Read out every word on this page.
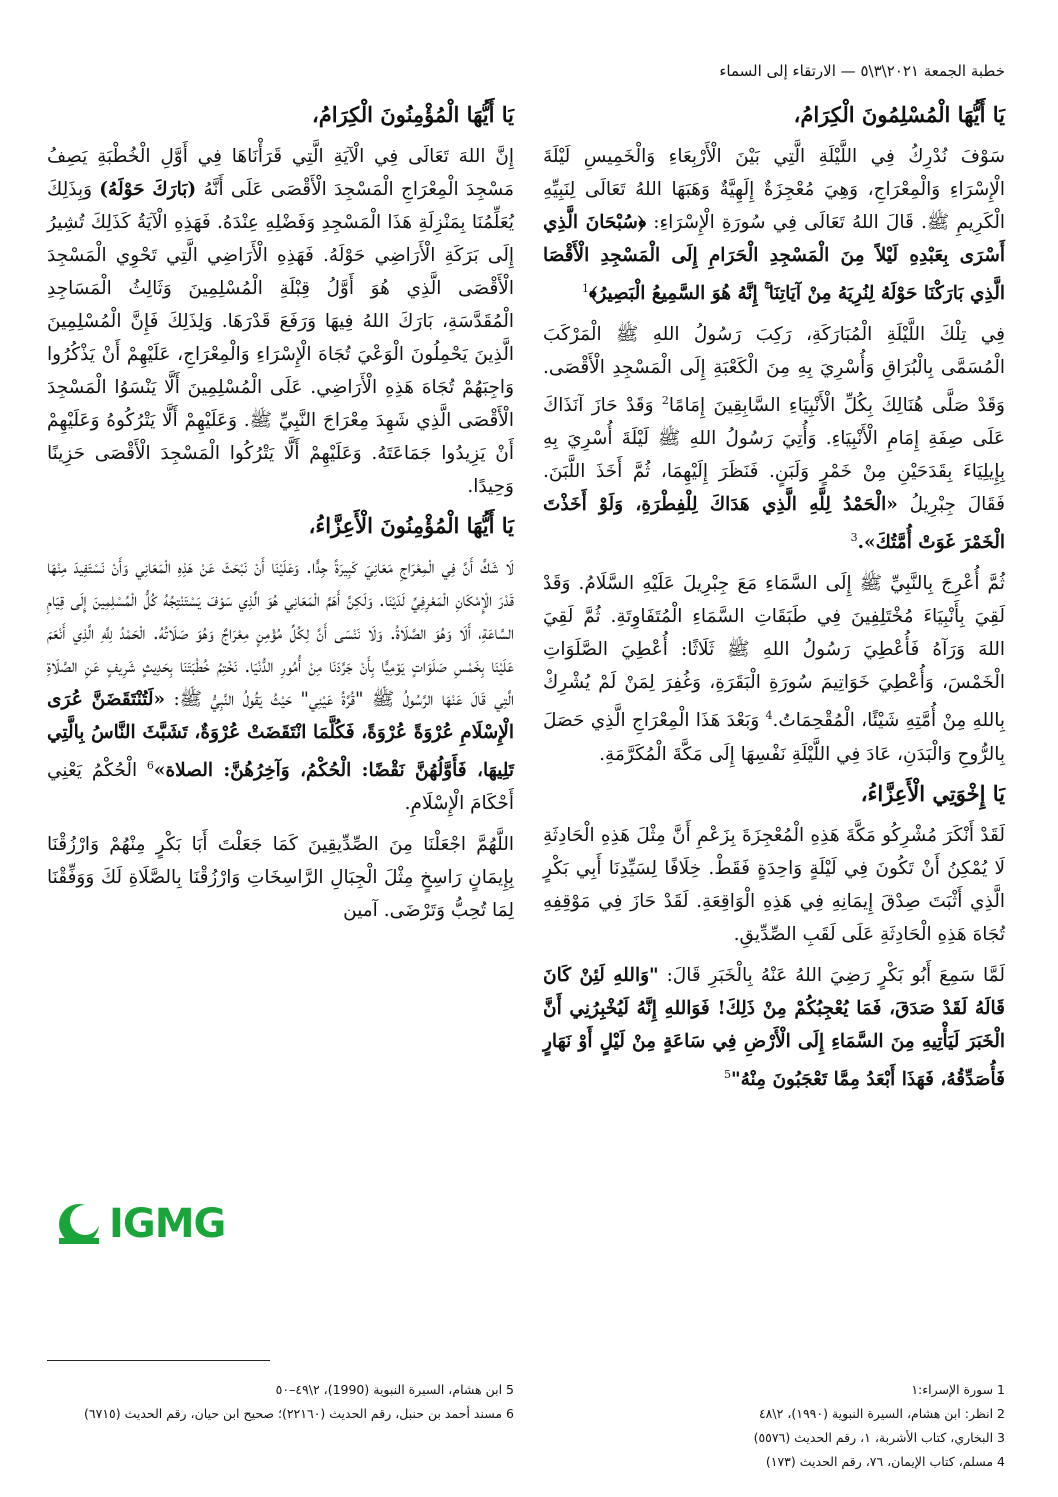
خطبة الجمعة ٢٠٢١\٣\٥ — الارتقاء إلى السماء
يَا أَيُّهَا الْمُسْلِمُونَ الْكِرَامُ،

سَوْفَ نُدْرِكُ فِي اللَّيْلَةِ الَّتِي بَيْنَ الْأَرْبِعَاءِ وَالْخَمِيسِ لَيْلَةَ الْإِسْرَاءِ وَالْمِعْرَاجِ، وَهِيَ مُعْجِزَةٌ إِلَهِيَّةٌ وَهَبَهَا اللهُ تَعَالَى لِنَبِيِّهِ الْكَرِيمِ ﷺ. قَالَ اللهُ تَعَالَى فِي سُورَةِ الْإِسْرَاءِ: ﴿سُبْحَانَ الَّذِي أَسْرَى بِعَبْدِهِ لَيْلاً مِنَ الْمَسْجِدِ الْحَرَامِ إِلَى الْمَسْجِدِ الْأَقْصَا الَّذِي بَارَكْنَا حَوْلَهُ لِنُرِيَهُ مِنْ آيَاتِنَا ۚ إِنَّهُ هُوَ السَّمِيعُ الْبَصِيرُ﴾$^1$

فِي تِلْكَ اللَّيْلَةِ الْمُبَارَكَةِ، رَكِبَ رَسُولُ اللهِ ﷺ الْمَرْكَبَ الْمُسَمَّى بِالْبُرَاقِ وَأُسْرِيَ بِهِ مِنَ الْكَعْبَةِ إِلَى الْمَسْجِدِ الْأَقْصَى. وَقَدْ صَلَّى هُنَالِكَ بِكُلِّ الْأَنْبِيَاءِ السَّابِقِينَ إِمَامًا$^2$ وَقَدْ حَازَ آنَذَاكَ عَلَى صِفَةِ إِمَامِ الْأَنْبِيَاءِ. وَأُتِيَ رَسُولُ اللهِ ﷺ لَيْلَةَ أُسْرِيَ بِهِ بِإِيلِيَاءَ بِقَدَحَيْنِ مِنْ خَمْرٍ وَلَبَنٍ. فَنَظَرَ إِلَيْهِمَا، ثُمَّ أَخَذَ اللَّبَنَ. فَقَالَ جِبْرِيلُ «الْحَمْدُ لِلَّهِ الَّذِي هَدَاكَ لِلْفِطْرَةِ، وَلَوْ أَخَذْتَ الْخَمْرَ غَوَتْ أُمَّتُكَ».$^3$

ثُمَّ أُعْرِجَ بِالنَّبِيِّ ﷺ إِلَى السَّمَاءِ مَعَ جِبْرِيلَ عَلَيْهِ السَّلَامُ. وَقَدْ لَقِيَ بِأَنْبِيَاءَ مُخْتَلِفِينَ فِي طَبَقَاتِ السَّمَاءِ الْمُتَفَاوِتَةِ. ثُمَّ لَقِيَ اللهَ وَرَآهُ فَأُعْطِيَ رَسُولُ اللهِ ﷺ ثَلَاثًا: أُعْطِيَ الصَّلَوَاتِ الْخَمْسَ، وَأُعْطِيَ خَوَاتِيمَ سُورَةِ الْبَقَرَةِ، وَغُفِرَ لِمَنْ لَمْ يُشْرِكْ بِاللهِ مِنْ أُمَّتِهِ شَيْئًا، الْمُقْحِمَاتُ.$^4$ وَبَعْدَ هَذَا الْمِعْرَاجِ الَّذِي حَصَلَ بِالرُّوحِ وَالْبَدَنِ، عَادَ فِي اللَّيْلَةِ نَفْسِهَا إِلَى مَكَّةَ الْمُكَرَّمَةِ.

يَا إِخْوَتِي الْأَعِزَّاءُ،

لَقَدْ أَنْكَرَ مُشْرِكُو مَكَّةَ هَذِهِ الْمُعْجِزَةَ بِزَعْمِ أَنَّ مِثْلَ هَذِهِ الْحَادِثَةِ لَا يُمْكِنُ أَنْ تَكُونَ فِي لَيْلَةٍ وَاحِدَةٍ فَقَطْ. خِلَافًا لِسَيِّدِنَا أَبِي بَكْرٍ الَّذِي أَثْبَتَ صِدْقَ إِيمَانِهِ فِي هَذِهِ الْوَاقِعَةِ. لَقَدْ حَازَ فِي مَوْقِفِهِ تُجَاهَ هَذِهِ الْحَادِثَةِ عَلَى لَقَبِ الصِّدِّيقِ.

لَمَّا سَمِعَ أَبُو بَكْرٍ رَضِيَ اللهُ عَنْهُ بِالْخَبَرِ قَالَ: "وَاللهِ لَئِنْ كَانَ قَالَهُ لَقَدْ صَدَقَ، فَمَا يُعْجِبُكُمْ مِنْ ذَلِكَ! فَوَاللهِ إِنَّهُ لَيُخْبِرُنِي أَنَّ الْخَبَرَ لَيَأْتِيهِ مِنَ السَّمَاءِ إِلَى الْأَرْضِ فِي سَاعَةٍ مِنْ لَيْلٍ أَوْ نَهَارٍ فَأُصَدِّقُهُ، فَهَذَا أَبْعَدُ مِمَّا تَعْجَبُونَ مِنْهُ"$^5$

يَا أَيُّهَا الْمُؤْمِنُونَ الْكِرَامُ،

إِنَّ اللهَ تَعَالَى فِي الْآيَةِ الَّتِي قَرَأْنَاهَا فِي أَوَّلِ الْخُطْبَةِ يَصِفُ مَسْجِدَ الْمِعْرَاجِ الْمَسْجِدَ الْأَقْصَى عَلَى أَنَّهُ (بَارَكَ حَوْلَهُ) وَبِذَلِكَ يُعَلِّمُنَا بِمَنْزِلَةِ هَذَا الْمَسْجِدِ وَفَضْلِهِ عِنْدَهُ. فَهَذِهِ الْآيَةُ كَذَلِكَ تُشِيرُ إِلَى بَرَكَةِ الْأَرَاضِي حَوْلَهُ. فَهَذِهِ الْأَرَاضِي الَّتِي تَحْوِي الْمَسْجِدَ الْأَقْصَى الَّذِي هُوَ أَوَّلُ قِبْلَةِ الْمُسْلِمِينَ وَثَالِثُ الْمَسَاجِدِ الْمُقَدَّسَةِ، بَارَكَ اللهُ فِيهَا وَرَفَعَ قَدْرَهَا. وَلِذَلِكَ فَإِنَّ الْمُسْلِمِينَ الَّذِينَ يَحْمِلُونَ الْوَعْيَ تُجَاهَ الْإِسْرَاءِ وَالْمِعْرَاجِ، عَلَيْهِمْ أَنْ يَذْكُرُوا وَاجِبَهُمْ تُجَاهَ هَذِهِ الْأَرَاضِي. عَلَى الْمُسْلِمِينَ أَلَّا يَنْسَوُا الْمَسْجِدَ الْأَقْصَى الَّذِي شَهِدَ مِعْرَاجَ النَّبِيِّ ﷺ. وَعَلَيْهِمْ أَلَّا يَتْرُكُوهُ وَعَلَيْهِمْ أَنْ يَزِيدُوا جَمَاعَتَهُ. وَعَلَيْهِمْ أَلَّا يَتْرُكُوا الْمَسْجِدَ الْأَقْصَى حَزِينًا وَحِيدًا.

يَا أَيُّهَا الْمُؤْمِنُونَ الْأَعِزَّاءُ،

لَا شَكَّ أَنَّ فِي الْمِعْرَاجِ مَعَانِيَ كَبِيرَةً جِدًّا. وَعَلَيْنَا أَنْ نَبْحَثَ عَنْ هَذِهِ الْمَعَانِي وَأَنْ نَسْتَفِيدَ مِنْهَا قَدْرَ الْإِمْكَانِ الْمَعْرِفِيِّ لَدَيْنَا. وَلَكِنَّ أَهَمَّ الْمَعَانِي هُوَ الَّذِي سَوْفَ يَسْتَنْتِجُهُ كُلُّ الْمُسْلِمِينَ إِلَى قِيَامِ السَّاعَةِ، أَلَا وَهُوَ الصَّلَاةُ. وَلَا نَنْسَى أَنَّ لِكُلِّ مُؤْمِنٍ مِعْرَاجٌ وَهُوَ صَلَاتُهُ. الْحَمْدُ لِلَّهِ الَّذِي أَنْعَمَ عَلَيْنَا بِخَمْسِ صَلَوَاتٍ يَوْمِيًّا بِأَنْ جَرَّدَنَا مِنْ أُمُورِ الدُّنْيَا. نَخْتِمُ خُطْبَتَنَا بِحَدِيثٍ شَرِيفٍ عَنِ الصَّلَاةِ الَّتِي قَالَ عَنْهَا الرَّسُولُ ﷺ "قُرَّةُ عَيْنِي" حَيْثُ يَقُولُ النَّبِيُّ ﷺ: «لَتُنْتَقَضَنَّ عُرَى الْإِسْلَامِ عُرْوَةً عُرْوَةً، فَكُلَّمَا انْتَقَضَتْ عُرْوَةٌ، تَشَبَّثَ النَّاسُ بِالَّتِي تَلِيهَا، فَأَوَّلُهُنَّ نَقْضًا: الْحُكْمُ، وَآخِرُهُنَّ: الصلاة»$^6$ الْحُكْمُ يَعْنِي أَحْكَامَ الْإِسْلَامِ.

اللَّهُمَّ اجْعَلْنَا مِنَ الصِّدِّيقِينَ كَمَا جَعَلْتَ أَبَا بَكْرٍ مِنْهُمْ وَارْزُقْنَا بِإِيمَانٍ رَاسِخٍ مِثْلَ الْجِبَالِ الرَّاسِخَاتِ وَارْزُقْنَا بِالصَّلَاةِ لَكَ وَوَفِّقْنَا لِمَا تُحِبُّ وَتَرْضَى. آمين

IGMG
1 سورة الإسراء:١
2 انظر: ابن هشام، السيرة النبوية (١٩٩٠)، ٢\٤٨
3 البخاري، كتاب الأشربة، ١، رقم الحديث (٥٥٧٦)
4 مسلم، كتاب الإيمان، ٧٦، رقم الحديث (١٧٣)
5 ابن هشام، السيرة النبوية (1990)، ٢\٤٩–٥٠
6 مسند أحمد بن حنبل، رقم الحديث (٢٢١٦٠)؛ صحيح ابن حيان، رقم الحديث (٦٧١٥)
